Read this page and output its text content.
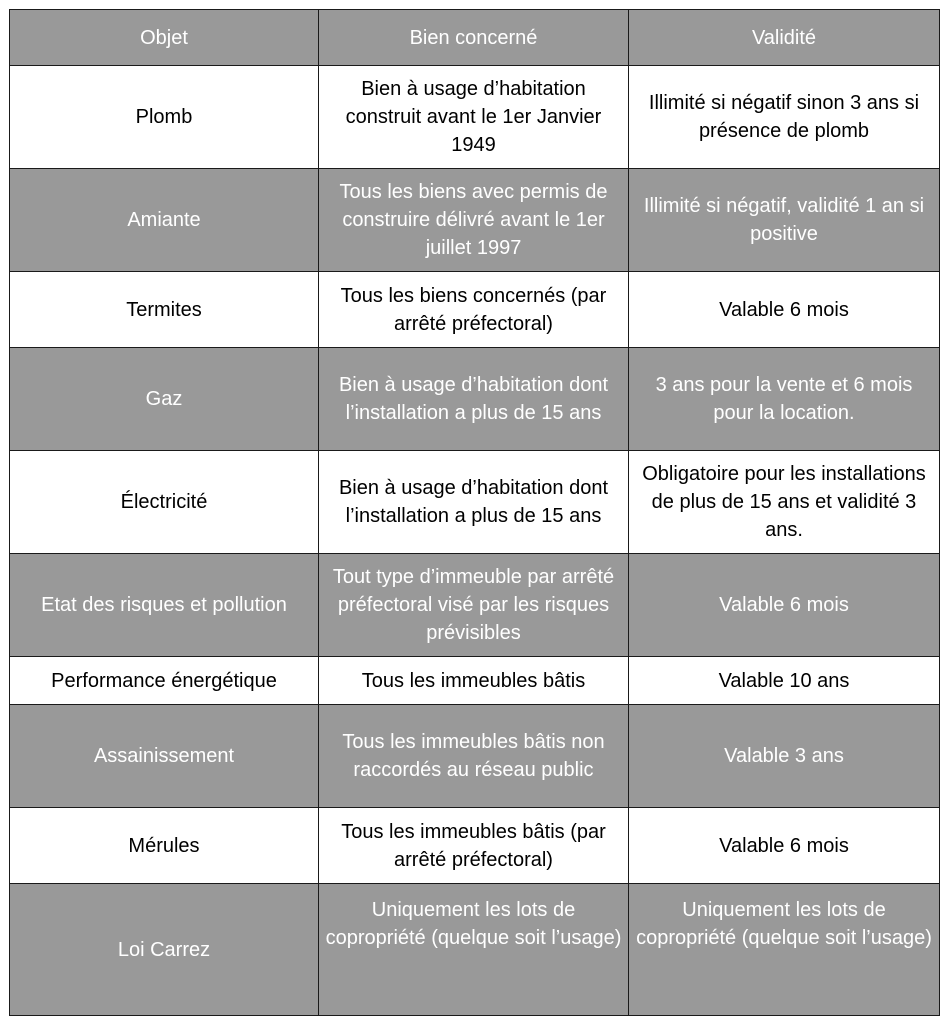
Objet	Bien concerné	Validité
Plomb	Bien à usage d’habitation construit avant le 1er Janvier 1949	Illimité si négatif sinon 3 ans si présence de plomb
Amiante	Tous les biens avec permis de construire délivré avant le 1er juillet 1997	Illimité si négatif, validité 1 an si positive
Termites	Tous les biens concernés (par arrêté préfectoral)	Valable 6 mois
Gaz	Bien à usage d’habitation dont l’installation a plus de 15 ans	3 ans pour la vente et 6 mois pour la location.
Électricité	Bien à usage d’habitation dont l’installation a plus de 15 ans	Obligatoire pour les installations de plus de 15 ans et validité 3 ans.
Etat des risques et pollution	Tout type d’immeuble par arrêté préfectoral visé par les risques prévisibles	Valable 6 mois
Performance énergétique	Tous les immeubles bâtis	Valable 10 ans
Assainissement	Tous les immeubles bâtis non raccordés au réseau public	Valable 3 ans
Mérules	Tous les immeubles bâtis (par arrêté préfectoral)	Valable 6 mois
Loi Carrez	Uniquement les lots de copropriété (quelque soit l’usage)	Uniquement les lots de copropriété (quelque soit l’usage)
